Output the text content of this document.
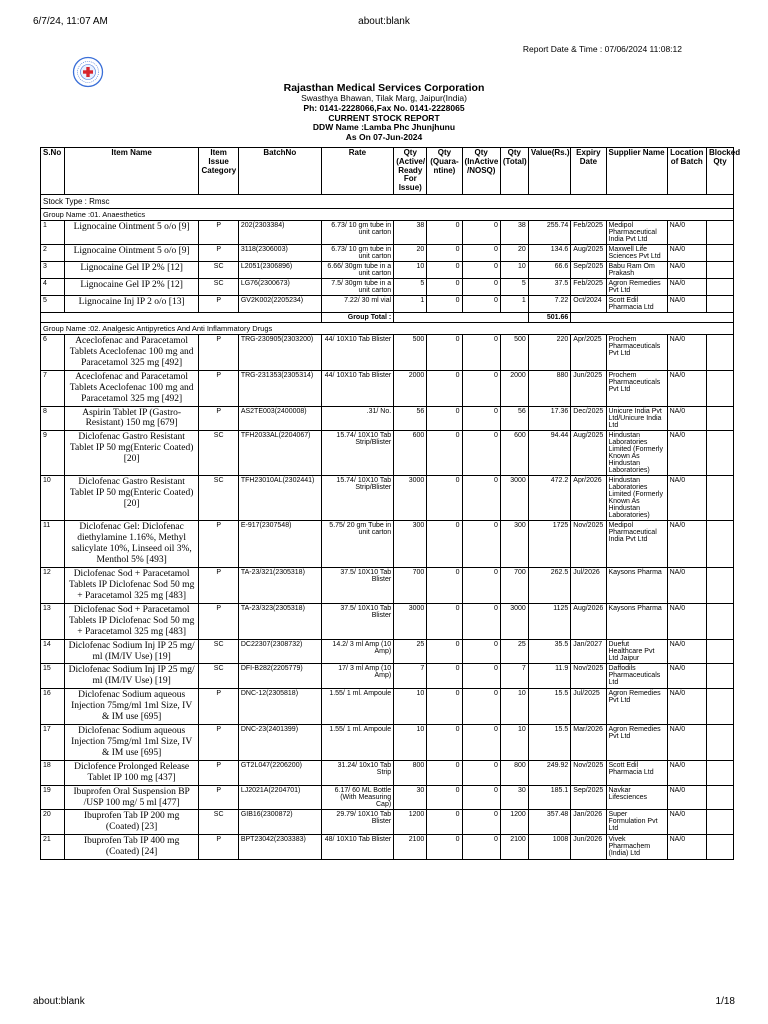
6/7/24, 11:07 AM	about:blank
Report Date & Time : 07/06/2024 11:08:12
Rajasthan Medical Services Corporation
Swasthya Bhawan, Tilak Marg, Jaipur(India)
Ph: 0141-2228066,Fax No. 0141-2228065
CURRENT STOCK REPORT
DDW Name :Lamba Phc Jhunjhunu
As On 07-Jun-2024
S.No	Item Name	Item Issue Category	BatchNo	Rate	Qty (Active/ Ready For Issue)	Qty (Quara- ntine)	Qty (InActive /NOSQ)	Qty (Total)	Value(Rs.)	Expiry Date	Supplier Name	Location of Batch	Blocked Qty
Stock Type : Rmsc													
Group Name :01. Anaesthetics													
1	Lignocaine Ointment 5 o/o [9]	P	202(2303384)	6.73/ 10 gm tube in unit carton	38	0	0	38	255.74	Feb/2025	Medipol Pharmaceutical India Pvt Ltd	NA/0	
2	Lignocaine Ointment 5 o/o [9]	P	3118(2306003)	6.73/ 10 gm tube in unit carton	20	0	0	20	134.6	Aug/2025	Maxwell Life Sciences Pvt Ltd	NA/0	
3	Lignocaine Gel IP 2% [12]	SC	L2051(2306896)	6.66/ 30gm tube in a unit carton	10	0	0	10	66.6	Sep/2025	Babu Ram Om Prakash	NA/0	
4	Lignocaine Gel IP 2% [12]	SC	LG76(2300673)	7.5/ 30gm tube in a unit carton	5	0	0	5	37.5	Feb/2025	Agron Remedies Pvt Ltd	NA/0	
5	Lignocaine Inj IP 2 o/o [13]	P	GV2K002(2205234)	7.22/ 30 ml vial	1	0	0	1	7.22	Oct/2024	Scott Edil Pharmacia Ltd	NA/0	
				Group Total :					501.66				
Group Name :02. Analgesic Antipyretics And Anti Inflammatory Drugs													
6	Aceclofenac and Paracetamol Tablets Aceclofenac 100 mg and Paracetamol 325 mg [492]	P	TRG-230905(2303200)	44/ 10X10 Tab Blister	500	0	0	500	220	Apr/2025	Prochem Pharmaceuticals Pvt Ltd	NA/0	
7	Aceclofenac and Paracetamol Tablets Aceclofenac 100 mg and Paracetamol 325 mg [492]	P	TRG-231353(2305314)	44/ 10X10 Tab Blister	2000	0	0	2000	880	Jun/2025	Prochem Pharmaceuticals Pvt Ltd	NA/0	
8	Aspirin Tablet IP (Gastro-Resistant) 150 mg [679]	P	AS2TE003(2400008)	.31/ No.	56	0	0	56	17.36	Dec/2025	Unicure India Pvt Ltd/Unicure India Ltd	NA/0	
9	Diclofenac Gastro Resistant Tablet IP 50 mg(Enteric Coated) [20]	SC	TFH2033AL(2204067)	15.74/ 10X10 Tab Strip/Blister	600	0	0	600	94.44	Aug/2025	Hindustan Laboratories Limited (Formerly Known As Hindustan Laboratories)	NA/0	
10	Diclofenac Gastro Resistant Tablet IP 50 mg(Enteric Coated) [20]	SC	TFH23010AL(2302441)	15.74/ 10X10 Tab Strip/Blister	3000	0	0	3000	472.2	Apr/2026	Hindustan Laboratories Limited (Formerly Known As Hindustan Laboratories)	NA/0	
11	Diclofenac Gel: Diclofenac diethylamine 1.16%, Methyl salicylate 10%, Linseed oil 3%, Menthol 5% [493]	P	E-917(2307548)	5.75/ 20 gm Tube in unit carton	300	0	0	300	1725	Nov/2025	Medipol Pharmaceutical India Pvt Ltd	NA/0	
12	Diclofenac Sod + Paracetamol Tablets IP Diclofenac Sod 50 mg + Paracetamol 325 mg [483]	P	TA-23/321(2305318)	37.5/ 10X10 Tab Blister	700	0	0	700	262.5	Jul/2026	Kaysons Pharma	NA/0	
13	Diclofenac Sod + Paracetamol Tablets IP Diclofenac Sod 50 mg + Paracetamol 325 mg [483]	P	TA-23/323(2305318)	37.5/ 10X10 Tab Blister	3000	0	0	3000	1125	Aug/2026	Kaysons Pharma	NA/0	
14	Diclofenac Sodium Inj IP 25 mg/ ml (IM/IV Use) [19]	SC	DC22307(2308732)	14.2/ 3 ml Amp (10 Amp)	25	0	0	25	35.5	Jan/2027	Duefut Healthcare Pvt Ltd Jaipur	NA/0	
15	Diclofenac Sodium Inj IP 25 mg/ ml (IM/IV Use) [19]	SC	DFI-B282(2205779)	17/ 3 ml Amp (10 Amp)	7	0	0	7	11.9	Nov/2025	Daffodils Pharmaceuticals Ltd	NA/0	
16	Diclofenac Sodium aqueous Injection 75mg/ml 1ml Size, IV & IM use [695]	P	DNC-12(2305818)	1.55/ 1 ml. Ampoule	10	0	0	10	15.5	Jul/2025	Agron Remedies Pvt Ltd	NA/0	
17	Diclofenac Sodium aqueous Injection 75mg/ml 1ml Size, IV & IM use [695]	P	DNC-23(2401399)	1.55/ 1 ml. Ampoule	10	0	0	10	15.5	Mar/2026	Agron Remedies Pvt Ltd	NA/0	
18	Diclofence Prolonged Release Tablet IP 100 mg [437]	P	GT2L047(2206200)	31.24/ 10x10 Tab Strip	800	0	0	800	249.92	Nov/2025	Scott Edil Pharmacia Ltd	NA/0	
19	Ibuprofen Oral Suspension BP /USP 100 mg/ 5 ml [477]	P	LJ2021A(2204701)	6.17/ 60 ML Bottle (With Measuring Cap)	30	0	0	30	185.1	Sep/2025	Navkar Lifesciences	NA/0	
20	Ibuprofen Tab IP 200 mg (Coated) [23]	SC	GIB16(2300872)	29.79/ 10X10 Tab Blister	1200	0	0	1200	357.48	Jan/2026	Super Formulation Pvt Ltd	NA/0	
21	Ibuprofen Tab IP 400 mg (Coated) [24]	P	BPT23042(2303383)	48/ 10X10 Tab Blister	2100	0	0	2100	1008	Jun/2026	Vivek Pharmachem (India) Ltd	NA/0	
about:blank	1/18
